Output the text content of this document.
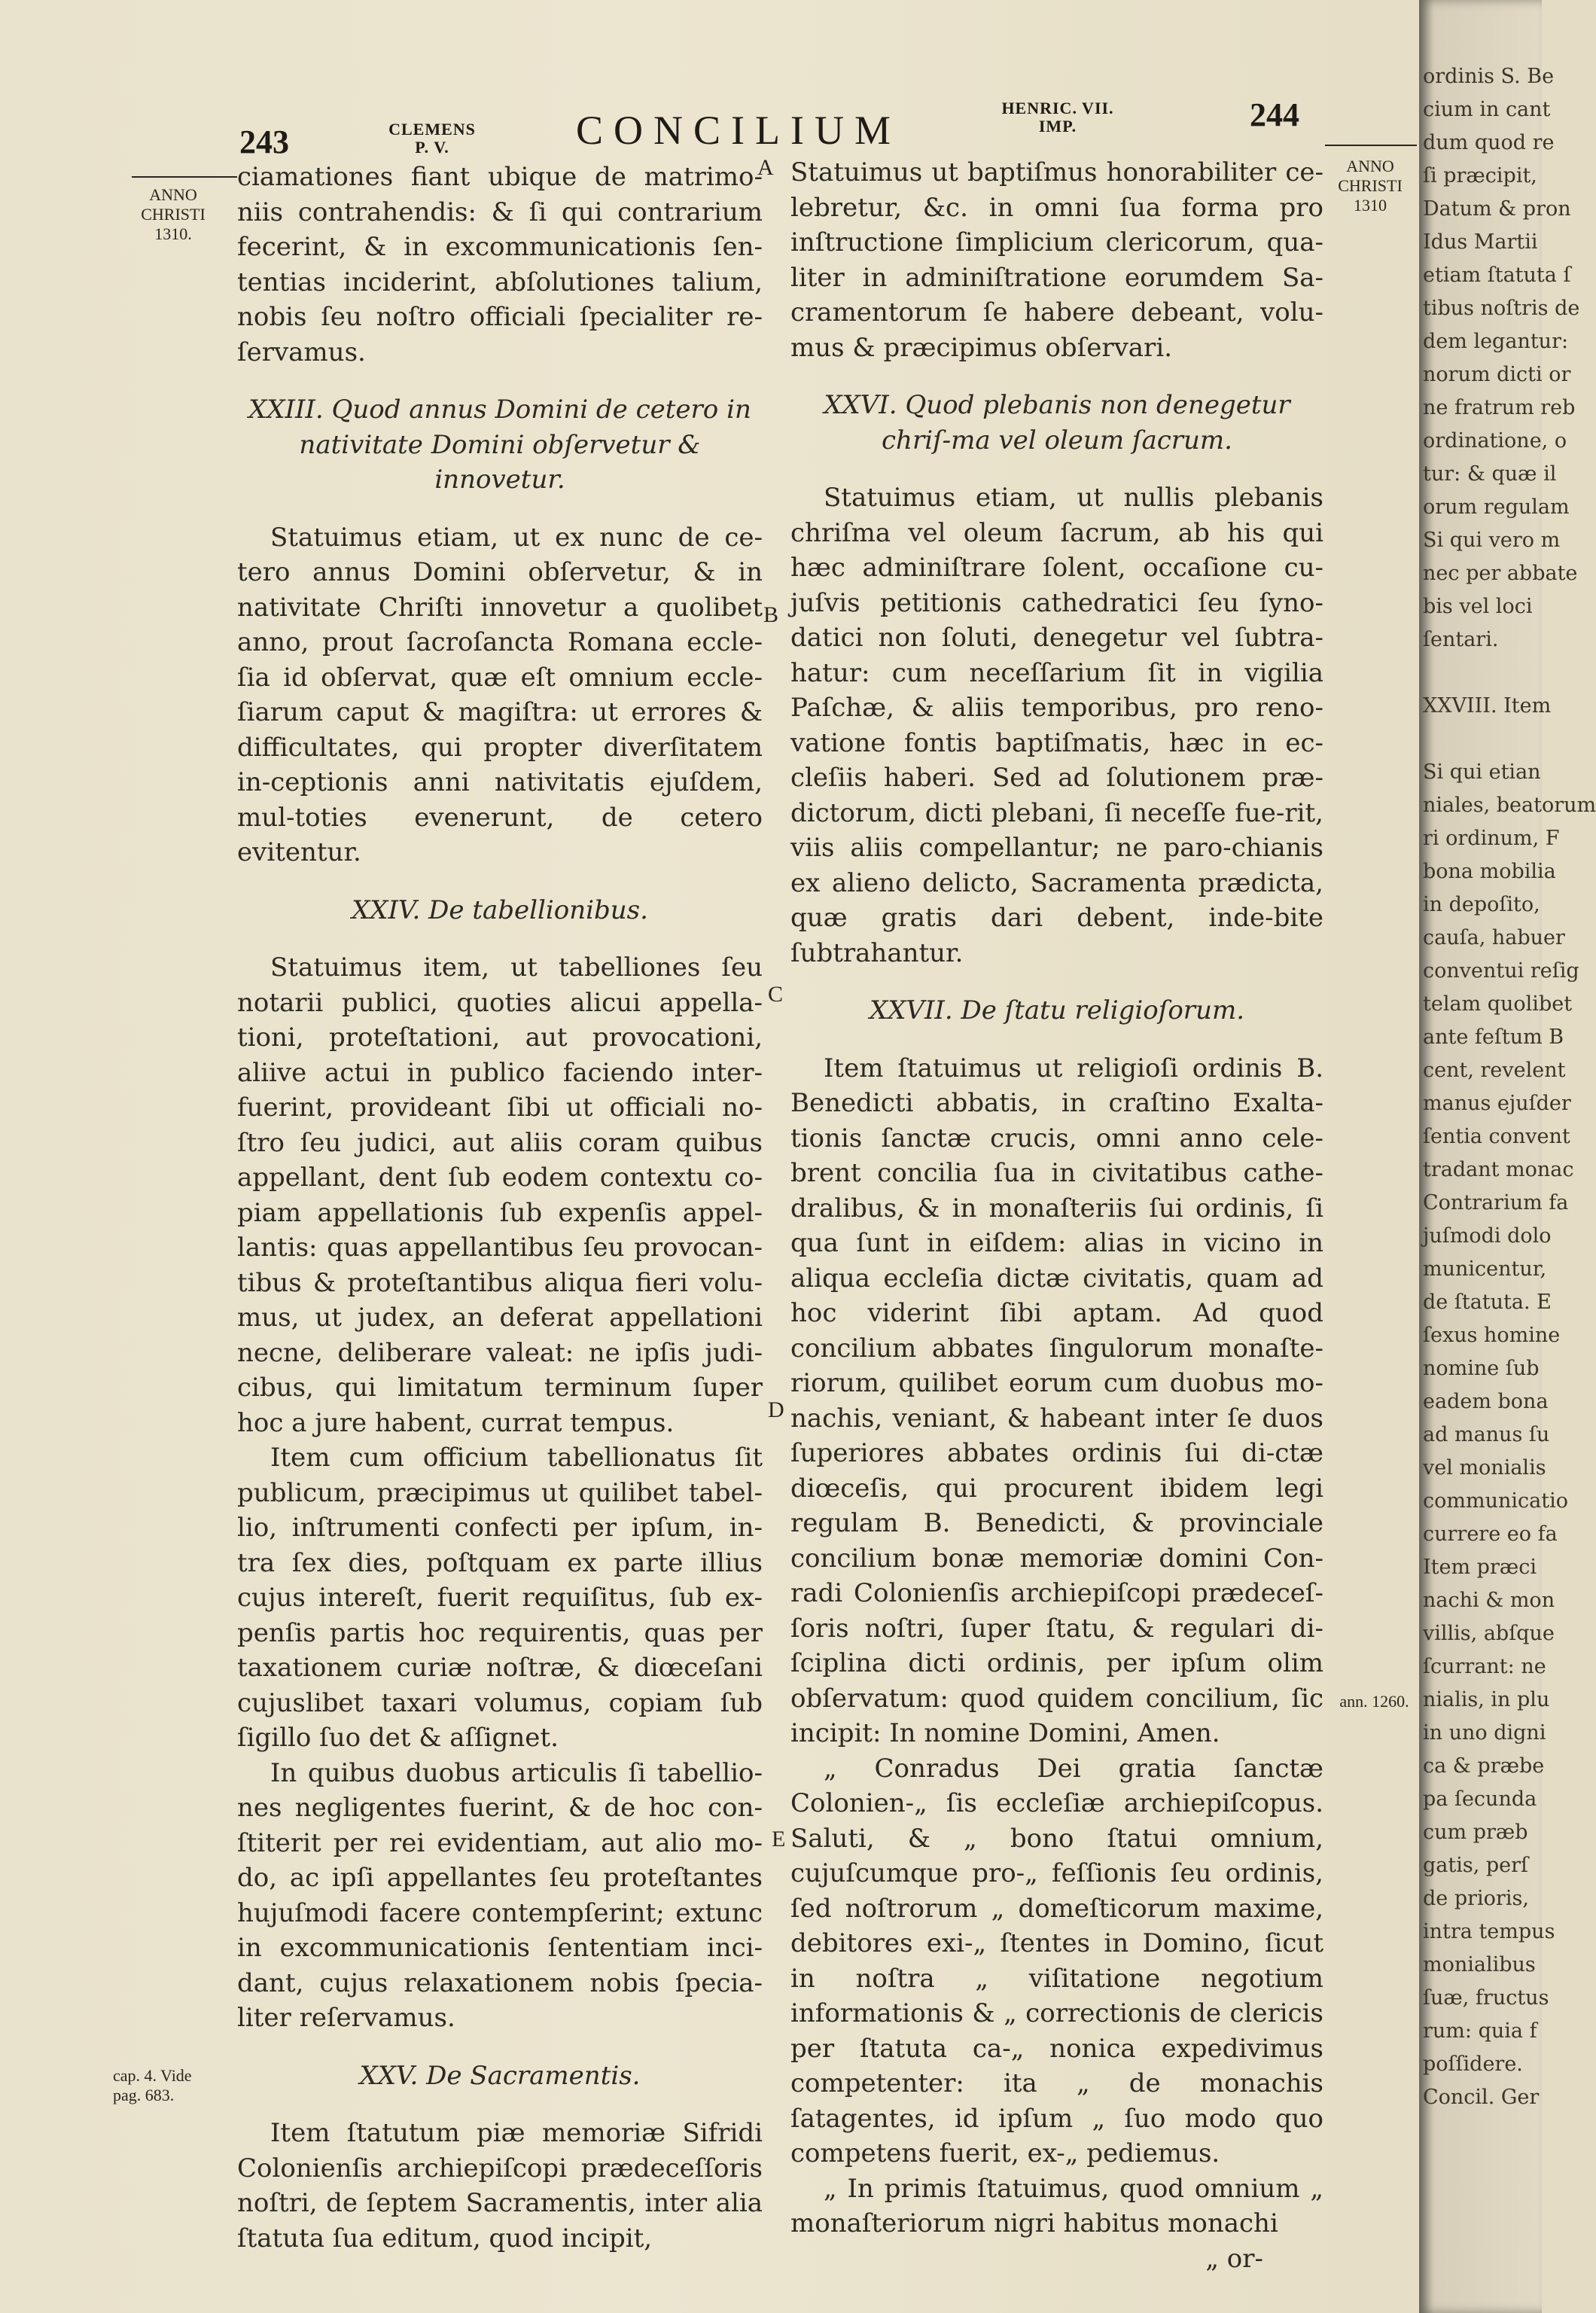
243	CLEMENS
P. V.	CONCILIUM	HENRIC. VII.
IMP.	244
ANNO
CHRISTI
1310.
ANNO
CHRISTI
1310
cap. 4. Vide
pag. 683.
ann. 1260.
A
B
C
D
E

ciamationes fiant ubique de matrimo-niis contrahendis: & ſi qui contrarium fecerint, & in excommunicationis ſen-tentias inciderint, abſolutiones talium, nobis ſeu noſtro officiali ſpecialiter re-ſervamus.

XXIII. Quod annus Domini de cetero in nativitate Domini obſervetur & innovetur.

Statuimus etiam, ut ex nunc de ce-tero annus Domini obſervetur, & in nativitate Chriſti innovetur a quolibet anno, prout ſacroſancta Romana eccle-ſia id obſervat, quæ eſt omnium eccle-ſiarum caput & magiſtra: ut errores & difficultates, qui propter diverſitatem in-ceptionis anni nativitatis ejuſdem, mul-toties evenerunt, de cetero evitentur.

XXIV. De tabellionibus.

Statuimus item, ut tabelliones ſeu notarii publici, quoties alicui appella-tioni, proteſtationi, aut provocationi, aliive actui in publico faciendo inter-fuerint, provideant ſibi ut officiali no-ſtro ſeu judici, aut aliis coram quibus appellant, dent ſub eodem contextu co-piam appellationis ſub expenſis appel-lantis: quas appellantibus ſeu provocan-tibus & proteſtantibus aliqua fieri volu-mus, ut judex, an deferat appellationi necne, deliberare valeat: ne ipſis judi-cibus, qui limitatum terminum ſuper hoc a jure habent, currat tempus.

Item cum officium tabellionatus ſit publicum, præcipimus ut quilibet tabel-lio, inſtrumenti confecti per ipſum, in-tra ſex dies, poſtquam ex parte illius cujus intereſt, fuerit requiſitus, ſub ex-penſis partis hoc requirentis, quas per taxationem curiæ noſtræ, & diœceſani cujuslibet taxari volumus, copiam ſub ſigillo ſuo det & aſſignet.

In quibus duobus articulis ſi tabellio-nes negligentes fuerint, & de hoc con-ſtiterit per rei evidentiam, aut alio mo-do, ac ipſi appellantes ſeu proteſtantes hujuſmodi facere contempſerint; extunc in excommunicationis ſententiam inci-dant, cujus relaxationem nobis ſpecia-liter reſervamus.

XXV. De Sacramentis.

Item ſtatutum piæ memoriæ Sifridi Colonienſis archiepiſcopi prædeceſſoris noſtri, de ſeptem Sacramentis, inter alia ſtatuta ſua editum, quod incipit,

Statuimus ut baptiſmus honorabiliter ce-lebretur, &c. in omni ſua forma pro inſtructione ſimplicium clericorum, qua-liter in adminiſtratione eorumdem Sa-cramentorum ſe habere debeant, volu-mus & præcipimus obſervari.

XXVI. Quod plebanis non denegetur chriſ-ma vel oleum ſacrum.

Statuimus etiam, ut nullis plebanis chriſma vel oleum ſacrum, ab his qui hæc adminiſtrare ſolent, occaſione cu-juſvis petitionis cathedratici ſeu ſyno-datici non ſoluti, denegetur vel ſubtra-hatur: cum neceſſarium ſit in vigilia Paſchæ, & aliis temporibus, pro reno-vatione fontis baptiſmatis, hæc in ec-cleſiis haberi. Sed ad ſolutionem præ-dictorum, dicti plebani, ſi neceſſe fue-rit, viis aliis compellantur; ne paro-chianis ex alieno delicto, Sacramenta prædicta, quæ gratis dari debent, inde-bite ſubtrahantur.

XXVII. De ſtatu religioſorum.

Item ſtatuimus ut religioſi ordinis B. Benedicti abbatis, in craſtino Exalta-tionis ſanctæ crucis, omni anno cele-brent concilia ſua in civitatibus cathe-dralibus, & in monaſteriis ſui ordinis, ſi qua ſunt in eiſdem: alias in vicino in aliqua eccleſia dictæ civitatis, quam ad hoc viderint ſibi aptam. Ad quod concilium abbates ſingulorum monaſte-riorum, quilibet eorum cum duobus mo-nachis, veniant, & habeant inter ſe duos ſuperiores abbates ordinis ſui di-ctæ diœceſis, qui procurent ibidem legi regulam B. Benedicti, & provinciale concilium bonæ memoriæ domini Con-radi Colonienſis archiepiſcopi prædeceſ-ſoris noſtri, ſuper ſtatu, & regulari di-ſciplina dicti ordinis, per ipſum olim obſervatum: quod quidem concilium, ſic incipit: In nomine Domini, Amen.

„ Conradus Dei gratia ſanctæ Colonien-„ ſis eccleſiæ archiepiſcopus. Saluti, & „ bono ſtatui omnium, cujuſcumque pro-„ feſſionis ſeu ordinis, ſed noſtrorum „ domeſticorum maxime, debitores exi-„ ſtentes in Domino, ſicut in noſtra „ viſitatione negotium informationis & „ correctionis de clericis per ſtatuta ca-„ nonica expedivimus competenter: ita „ de monachis ſatagentes, id ipſum „ ſuo modo quo competens fuerit, ex-„ pediemus.

„ In primis ſtatuimus, quod omnium „ monaſteriorum nigri habitus monachi

„ or-

ordinis S. Be
cium in cant
dum quod re
ſi præcipit,
Datum & pron
Idus Martii
etiam ſtatuta ſ
tibus noſtris de
dem legantur:
norum dicti or
ne fratrum reb
ordinatione, o
tur: & quæ il
orum regulam
Si qui vero m
nec per abbate
bis vel loci
ſentari.

XXVIII. Item

Si qui etian
niales, beatorum
ri ordinum, F
bona mobilia
in depoſito,
cauſa, habuer
conventui reſig
telam quolibet
ante feſtum B
cent, revelent
manus ejuſder
ſentia convent
tradant monac
Contrarium fa
juſmodi dolo
municentur,
de ſtatuta. E
ſexus homine
nomine ſub
eadem bona
ad manus ſu
vel monialis
communicatio
currere eo fa
Item præci
nachi & mon
villis, abſque
ſcurrant: ne
nialis, in plu
in uno digni
ca & præbe
pa ſecunda
cum præb
gatis, perſ
de prioris,
intra tempus
monialibus
ſuæ, fructus
rum: quia f
poſſidere.
Concil. Ger
